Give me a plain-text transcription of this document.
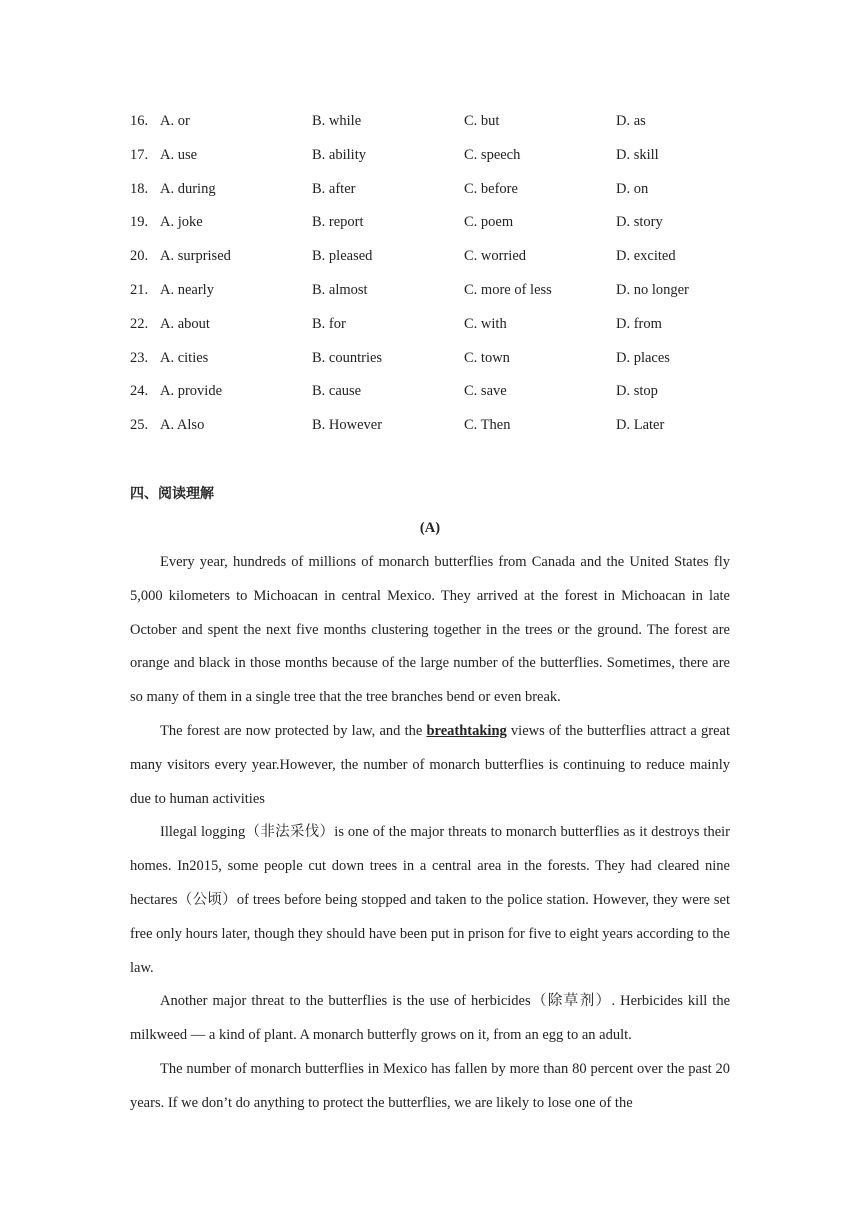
16. A. or	B. while	C. but	D. as
17. A. use	B. ability	C. speech	D. skill
18. A. during	B. after	C. before	D. on
19. A. joke	B. report	C. poem	D. story
20. A. surprised	B. pleased	C. worried	D. excited
21. A. nearly	B. almost	C. more of less	D. no longer
22. A. about	B. for	C. with	D. from
23. A. cities	B. countries	C. town	D. places
24. A. provide	B. cause	C. save	D. stop
25. A. Also	B. However	C. Then	D. Later
四、阅读理解
(A)

Every year, hundreds of millions of monarch butterflies from Canada and the United States fly 5,000 kilometers to Michoacan in central Mexico. They arrived at the forest in Michoacan in late October and spent the next five months clustering together in the trees or the ground. The forest are orange and black in those months because of the large number of the butterflies. Sometimes, there are so many of them in a single tree that the tree branches bend or even break.

The forest are now protected by law, and the breathtaking views of the butterflies attract a great many visitors every year.However, the number of monarch butterflies is continuing to reduce mainly due to human activities

Illegal logging（非法采伐）is one of the major threats to monarch butterflies as it destroys their homes. In2015, some people cut down trees in a central area in the forests. They had cleared nine hectares（公顷）of trees before being stopped and taken to the police station. However, they were set free only hours later, though they should have been put in prison for five to eight years according to the law.

Another major threat to the butterflies is the use of herbicides（除草剂）. Herbicides kill the milkweed — a kind of plant. A monarch butterfly grows on it, from an egg to an adult.

The number of monarch butterflies in Mexico has fallen by more than 80 percent over the past 20 years. If we don’t do anything to protect the butterflies, we are likely to lose one of the
